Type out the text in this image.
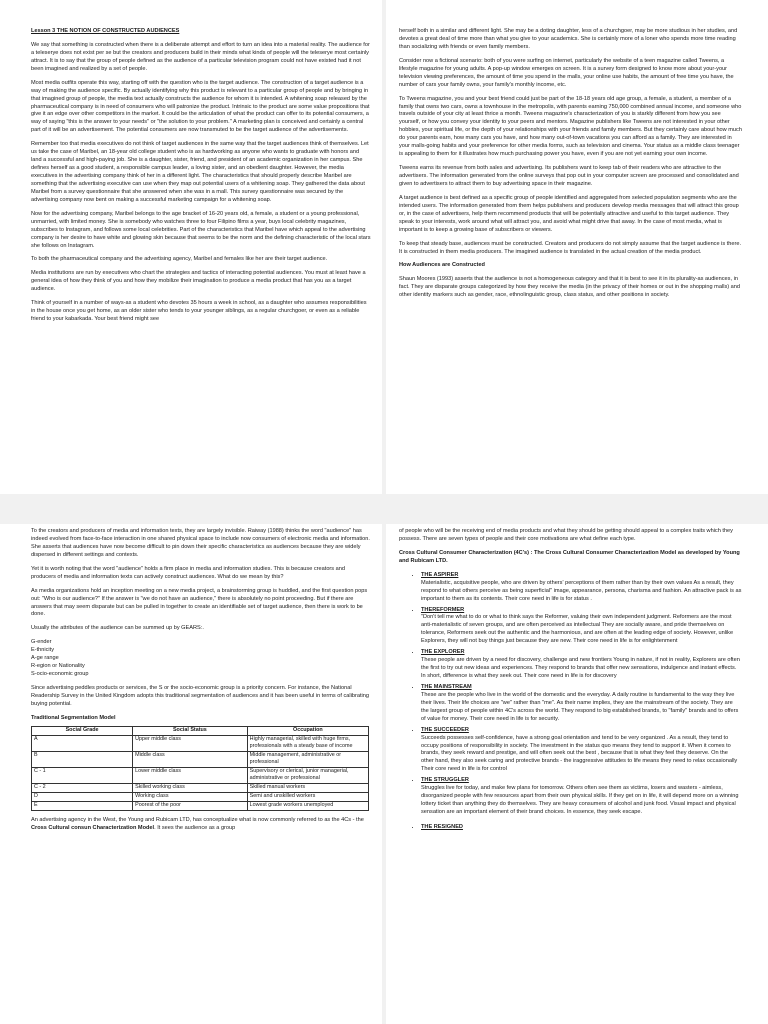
Lesson 3 THE NOTION OF CONSTRUCTED AUDIENCES

We say that something is constructed when there is a deliberate attempt and effort to turn an idea into a material reality. The audience for a teleserye does not exist per se but the creators and producers build in their minds what kinds of people will the teleserye most certainly attract. It is to say that the group of people defined as the audience of a particular television program could not have existed had it not been imagined and realized by a set of people.

Most media outfits operate this way, starting off with the question who is the target audience. The construction of a target audience is a way of making the audience specific. By actually identifying why this product is relevant to a particular group of people and by bringing in that imagined group of people, the media text actually constructs the audience for whom it is intended. A whitening soap released by the pharmaceutical company is in need of consumers who will patronize the product. Intrinsic to the product are some value propositions that give it an edge over other competitors in the market. It could be the articulation of what the product can offer to its potential consumers, a way of saying "this is the answer to your needs" or "the solution to your problem." A marketing plan is conceived and certainly a central part of it will be an advertisement. The potential consumers are now transmuted to be the target audience of the advertisements.

Remember too that media executives do not think of target audiences in the same way that the target audiences think of themselves. Let us take the case of Maribel, an 18-year old college student who is as hardworking as anyone who wants to graduate with honors and land a successful and high-paying job. She is a daughter, sister, friend, and president of an academic organization in her campus. She defines herself as a good student, a responsible campus leader, a loving sister, and an obedient daughter. However, the media executives in the advertising company think of her in a different light. The characteristics that should properly describe Maribel are something that the advertising executive can use when they map out potential users of a whitening soap. They gathered the data about Maribel from a survey questionnaire that she answered when she was in a mall. This survey questionnaire was secured by the advertising company now bent on making a successful marketing campaign for a whitening soap.

Now for the advertising company, Maribel belongs to the age bracket of 16-20 years old, a female, a student or a young professional, unmarried, with limited money. She is somebody who watches three to four Filipino films a year, buys local celebrity magazines, subscribes to Instagram, and follows some local celebrities. Part of the characteristics that Maribel have which appeal to the advertising company is her desire to have white and glowing skin because that seems to be the norm and the defining characteristic of the local stars she follows on Instagram.

To both the pharmaceutical company and the advertising agency, Maribel and females like her are their target audience.

Media institutions are run by executives who chart the strategies and tactics of interacting potential audiences. You must at least have a general idea of how they think of you and how they mobilize their imagination to produce a media product that has you as a target audience.

Think of yourself in a number of ways-as a student who devotes 35 hours a week in school, as a daughter who assumes responsibilities in the house once you get home, as an older sister who tends to your younger siblings, as a regular churchgoer, or even as a reliable friend to your kabarkada. Your best friend might see

herself both in a similar and different light. She may be a doting daughter, less of a churchgoer, may be more studious in her studies, and devotes a great deal of time more than what you give to your academics. She is certainly more of a loner who spends more time reading than socializing with friends or even family members.

Consider now a fictional scenario: both of you were surfing on internet, particularly the website of a teen magazine called Tweens, a lifestyle magazine for young adults. A pop-up window emerges on screen. It is a survey form designed to know more about your-your television viewing preferences, the amount of time you spend in the malls, your online use habits, the amount of free time you have, the number of cars your family owns, your family's monthly income, etc.

To Tweens magazine, you and your best friend could just be part of the 18-18 years old age group, a female, a student, a member of a family that owns two cars, owns a townhouse in the metropolis, with parents earning 750,000 combined annual income, and someone who travels outside of your city at least thrice a month. Tweens magazine's characterization of you is starkly different from how you see yourself, or how you convey your identity to your peers and mentors. Magazine publishers like Tweens are not interested in your other hobbies, your spiritual life, or the depth of your relationships with your friends and family members. But they certainly care about how much do your parents earn, how many cars you have, and how many out-of-town vacations you can afford as a family. They are interested in your malls-going habits and your preference for other media forms, such as television and cinema. Your status as a middle class teenager is appealing to them for it illustrates how much purchasing power you have, even if you are not yet earning your own income.

Tweens earns its revenue from both sales and advertising. Its publishers want to keep tab of their readers who are attractive to the advertisers. The information generated from the online surveys that pop out in your computer screen are processed and consolidated and given to advertisers to attract them to buy advertising space in their magazine.

A target audience is best defined as a specific group of people identified and aggregated from selected population segments who are the intended users. The information generated from them helps publishers and producers develop media messages that will attract this group or, in the case of advertisers, help them recommend products that will be potentially attractive and useful to this target audience. They speak to your interests, work around what will attract you, and avoid what might drive that away. In the case of most media, what is important is to keep a growing base of subscribers or viewers.

To keep that steady base, audiences must be constructed. Creators and producers do not simply assume that the target audience is there. It is constructed in them media producers. The imagined audience is translated in the actual creation of the media product.

How Audiences are Constructed

Shaun Moores (1993) asserts that the audience is not a homogeneous category and that it is best to see it in its plurality-as audiences, in fact. They are disparate groups categorized by how they receive the media (in the privacy of their homes or out in the shopping malls) and other identity markers such as gender, race, ethnolinguistic group, class status, and other positions in society.

To the creators and producers of media and information texts, they are largely invisible. Raiway (1988) thinks the word "audience" has indeed evolved from face-to-face interaction in one shared physical space to include now consumers of electronic media and information. She asserts that audiences have now become difficult to pin down their specific characteristics as audiences because they are widely dispersed in different settings and contexts.

Yet it is worth noting that the word "audience" holds a firm place in media and information studies. This is because creators and producers of media and information texts can actively construct audiences. What do we mean by this?

As media organizations hold an inception meeting on a new media project, a brainstorming group is huddled, and the first question pops out: "Who is our audience?" If the answer is "we do not have an audience," there is absolutely no point proceeding. But if there are answers that may seem disparate but can be pulled in together to create an identifiable set of target audience, then there is work to be done.

Usually the attributes of the audience can be summed up by GEARS:.

G-ender
E-thnicity
A-ge range
R-egion or Nationality
S-ocio-economic group

Since advertising peddles products or services, the S or the socio-economic group is a priority concern. For instance, the National Readership Survey in the United Kingdom adopts this traditional segmentation of audiences and it has been useful in terms of calibrating buying potential.

Traditional Segmentation Model

Social Grade	Social Status	Occupation
A	Upper middle class	Highly managerial, skilled with huge firms, professionals with a steady base of income
B	Middle class	Middle management, administrative or professional
C - 1	Lower middle class	Supervisory or clerical, junior managerial, administrative or professional
C - 2	Skilled working class	Skilled manual workers
D	Working class	Semi and unskilled workers
E	Poorest of the poor	Lowest grade workers unemployed

An advertising agency in the West, the Young and Rubicam LTD, has conceptualize what is now commonly referred to as the 4Cs - the Cross Cultural consun Characterization Model. It sees the audience as a group

of people who will be the receiving end of media products and what they should be getting should appeal to a complex traits which they possess. There are seven types of people and their core motivations are what define each type.

Cross Cultural Consumer Characterization (4C's) : The Cross Cultural Consumer Characterization Model as developed by Young and Rubicam LTD.

• THE ASPIRER
Materialistic, acquisitive people, who are driven by others' perceptions of them rather than by their own values As a result, they respond to what others perceive as being superficial" image, appearance, persona, charisma and fashion. An attractive pack is as important to them as its contents. Their core need in life is for status .
• THEREFORMER
"Don't tell me what to do or what to think says the Reformer, valuing their own independent judgment. Reformers are the most anti-materialistic of seven groups, and are often perceived as intellectual They are socially aware, and pride themselves on tolerance, Reformers seek out the authentic and the harmonious, and are often at the leading edge of society. However, unlike Explorers, they will not buy things just because they are new. Their core need in life is for enlightenment
• THE EXPLORER
These people are driven by a need for discovery, challenge and new frontiers Young in nature, if not in reality, Explorers are often the first to try out new ideas and experiences. They respond to brands that offer new sensations, indulgence and instant effects. In short, difference is what they seek out. Their core need in life is for discovery
• THE MAINSTREAM
These are the people who live in the world of the domestic and the everyday. A daily routine is fundamental to the way they live their lives. Their life choices are "we" rather than "me". As their name implies, they are the mainstream of the society. They are the largest group of people within 4C's across the world. They respond to big established brands, to "family" brands and to offers of value for money. Their core need in life is for security.
• THE SUCCEEDER
Succeeds possesses self-confidence, have a strong goal orientation and tend to be very organized . As a result, they tend to occupy positions of responsibility in society. The investment in the status quo means they tend to support it. When it comes to brands, they seek reward and prestige, and will often seek out the best , because that is what they feel they deserve. On the other hand, they also seek caring and protective brands - the iraggressive attitudes to life means they need to relax occasionally Their core need in life is for control
• THE STRUGGLER
Struggles live for today, and make few plans for tomorrow. Others often see them as victims, losers and wasters - aimless, disorganized people with few resources apart from their own physical skills. If they get on in life, it will depend more on a winning lottery ticket than anything they do themselves. They are heavy consumers of alcohol and junk food. Visual impact and physical sensation are an important element of their brand choices. In essence, they seek escape.
• THE RESIGNED
